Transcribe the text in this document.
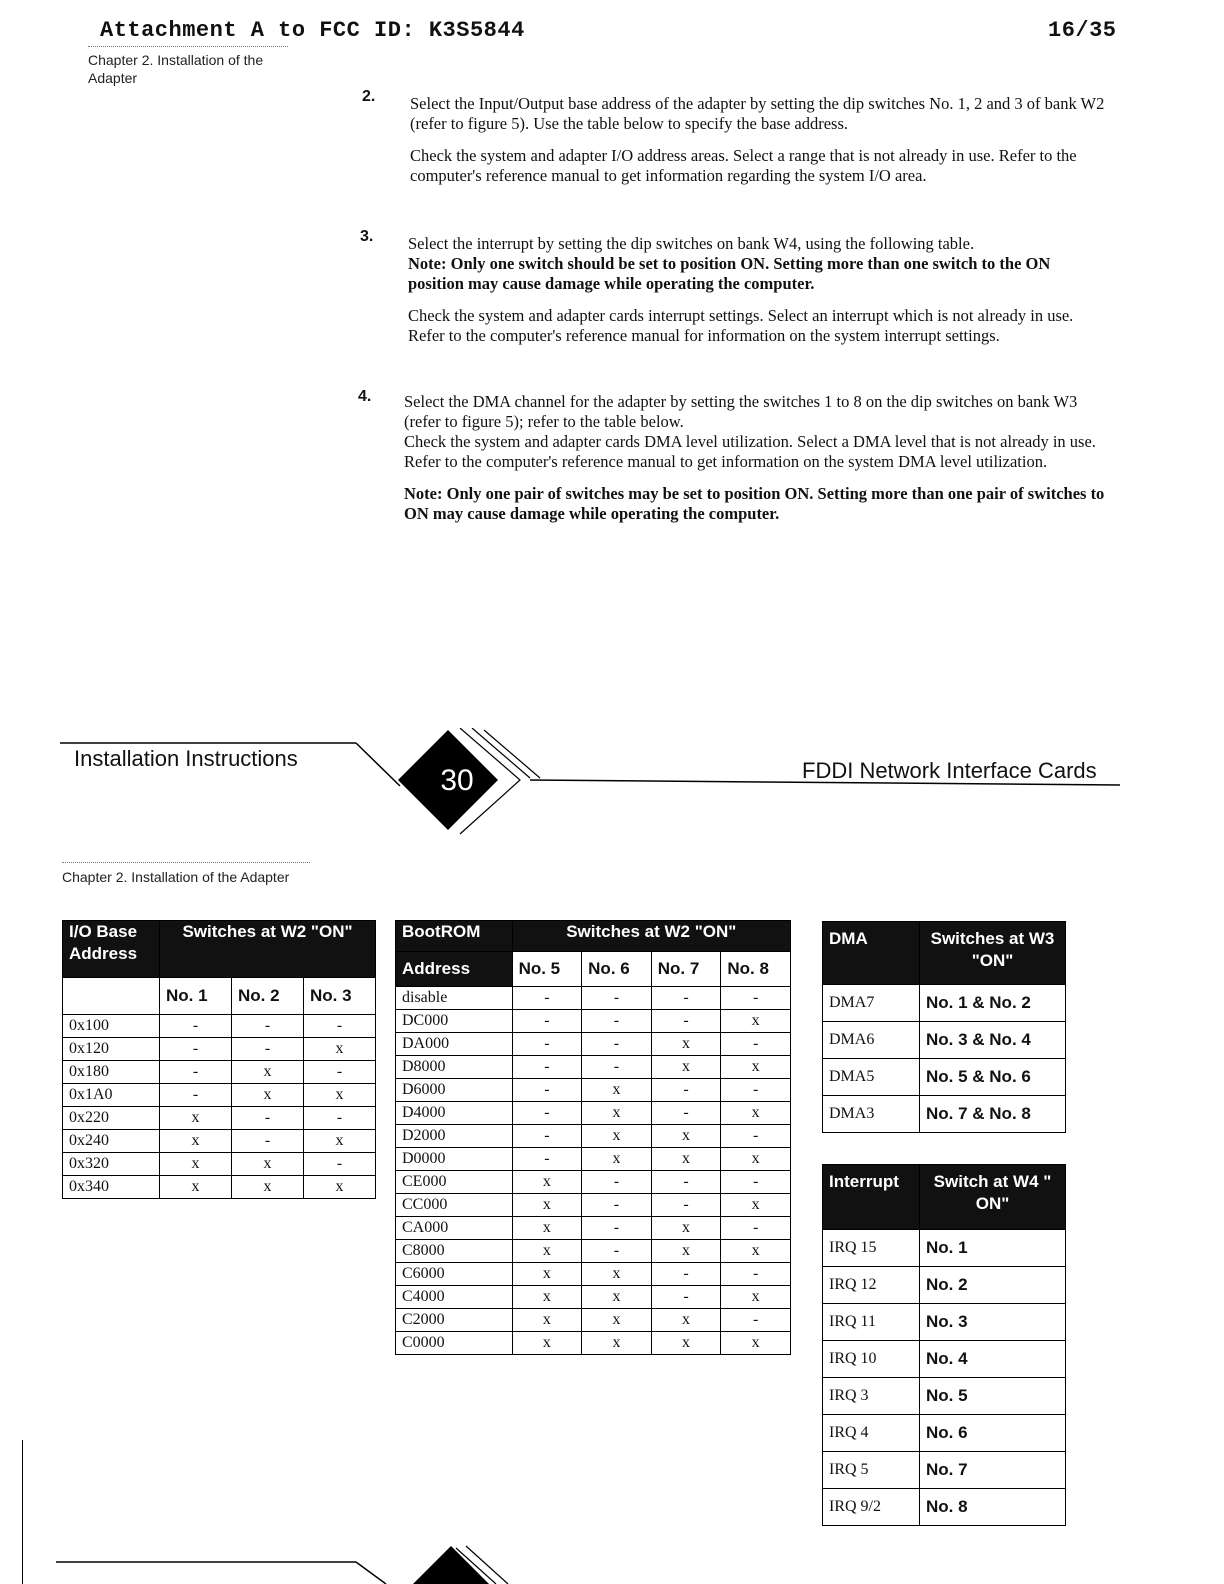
Attachment A to FCC ID: K3S5844	16/35
Chapter 2. Installation of the Adapter
2. Select the Input/Output base address of the adapter by setting the dip switches No. 1, 2 and 3 of bank W2 (refer to figure 5). Use the table below to specify the base address.

Check the system and adapter I/O address areas. Select a range that is not already in use. Refer to the computer's reference manual to get information regarding the system I/O area.

3. Select the interrupt by setting the dip switches on bank W4, using the following table.
Note: Only one switch should be set to position ON. Setting more than one switch to the ON position may cause damage while operating the computer.

Check the system and adapter cards interrupt settings. Select an interrupt which is not already in use. Refer to the computer's reference manual for information on the system interrupt settings.

4. Select the DMA channel for the adapter by setting the switches 1 to 8 on the dip switches on bank W3 (refer to figure 5); refer to the table below.
Check the system and adapter cards DMA level utilization. Select a DMA level that is not already in use. Refer to the computer's reference manual to get information on the system DMA level utilization.

Note: Only one pair of switches may be set to position ON. Setting more than one pair of switches to ON may cause damage while operating the computer.

Installation Instructions
30	FDDI Network Interface Cards
Chapter 2. Installation of the Adapter
I/O Base Address	Switches at W2 "ON"		
	No. 1	No. 2	No. 3
0x100	-	-	-
0x120	-	-	x
0x180	-	x	-
0x1A0	-	x	x
0x220	x	-	-
0x240	x	-	x
0x320	x	x	-
0x340	x	x	x
BootROM	Switches at W2 "ON"			
Address	No. 5	No. 6	No. 7	No. 8
disable	-	-	-	-
DC000	-	-	-	x
DA000	-	-	x	-
D8000	-	-	x	x
D6000	-	x	-	-
D4000	-	x	-	x
D2000	-	x	x	-
D0000	-	x	x	x
CE000	x	-	-	-
CC000	x	-	-	x
CA000	x	-	x	-
C8000	x	-	x	x
C6000	x	x	-	-
C4000	x	x	-	x
C2000	x	x	x	-
C0000	x	x	x	x
DMA	Switches at W3 "ON"
DMA7	No. 1 & No. 2
DMA6	No. 3 & No. 4
DMA5	No. 5 & No. 6
DMA3	No. 7 & No. 8
Interrupt	Switch at W4 " ON"
IRQ 15	No. 1
IRQ 12	No. 2
IRQ 11	No. 3
IRQ 10	No. 4
IRQ 3	No. 5
IRQ 4	No. 6
IRQ 5	No. 7
IRQ 9/2	No. 8
